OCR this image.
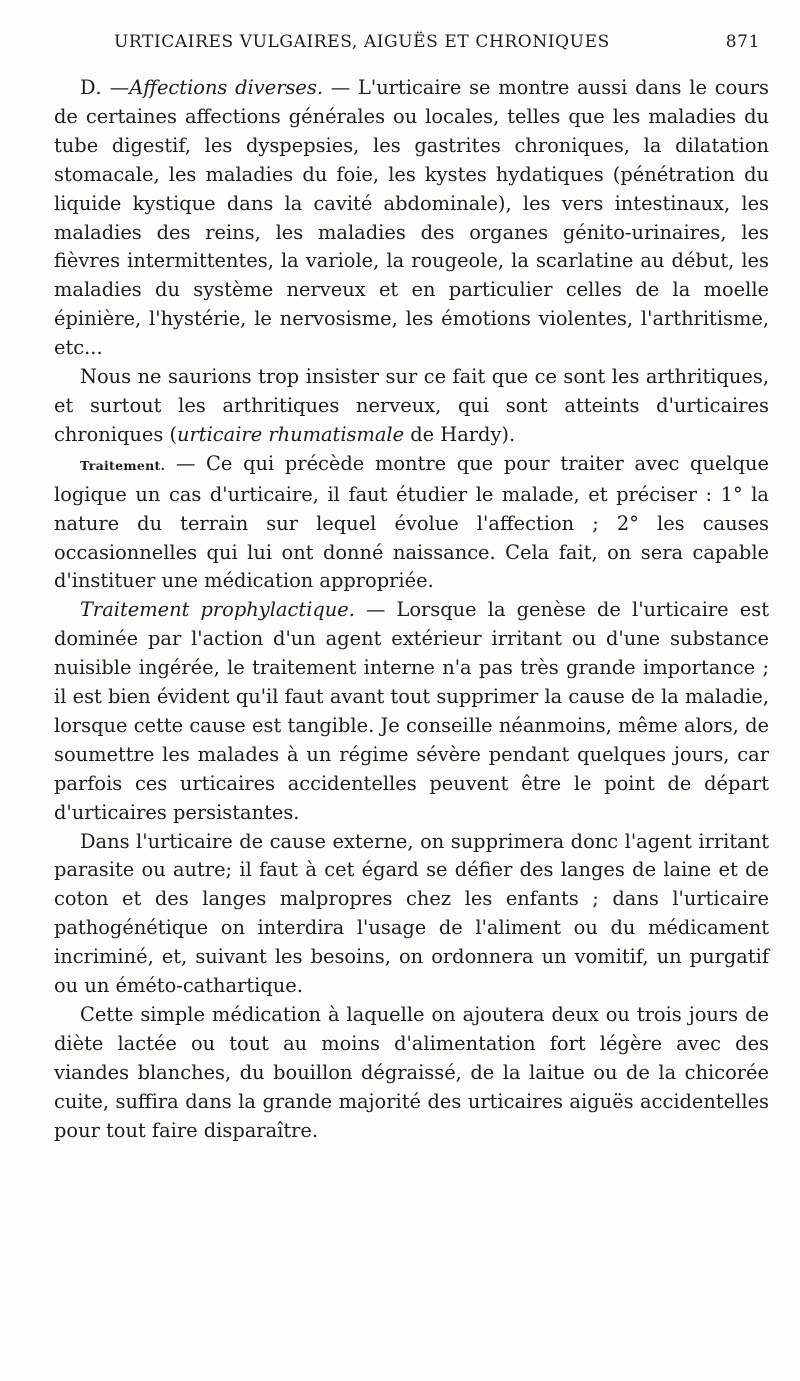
URTICAIRES VULGAIRES, AIGUËS ET CHRONIQUES	871

D. —Affections diverses. — L'urticaire se montre aussi dans le cours de certaines affections générales ou locales, telles que les maladies du tube digestif, les dyspepsies, les gastrites chroniques, la dilatation stomacale, les maladies du foie, les kystes hydatiques (pénétration du liquide kystique dans la cavité abdominale), les vers intestinaux, les maladies des reins, les maladies des organes génito-urinaires, les fièvres intermittentes, la variole, la rougeole, la scarlatine au début, les maladies du système nerveux et en particulier celles de la moelle épinière, l'hystérie, le nervosisme, les émotions violentes, l'arthritisme, etc...

Nous ne saurions trop insister sur ce fait que ce sont les arthritiques, et surtout les arthritiques nerveux, qui sont atteints d'urticaires chroniques (urticaire rhumatismale de Hardy).

Traitement. — Ce qui précède montre que pour traiter avec quelque logique un cas d'urticaire, il faut étudier le malade, et préciser : 1° la nature du terrain sur lequel évolue l'affection ; 2° les causes occasionnelles qui lui ont donné naissance. Cela fait, on sera capable d'instituer une médication appropriée.

Traitement prophylactique. — Lorsque la genèse de l'urticaire est dominée par l'action d'un agent extérieur irritant ou d'une substance nuisible ingérée, le traitement interne n'a pas très grande importance ; il est bien évident qu'il faut avant tout supprimer la cause de la maladie, lorsque cette cause est tangible. Je conseille néanmoins, même alors, de soumettre les malades à un régime sévère pendant quelques jours, car parfois ces urticaires accidentelles peuvent être le point de départ d'urticaires persistantes.

Dans l'urticaire de cause externe, on supprimera donc l'agent irritant parasite ou autre; il faut à cet égard se défier des langes de laine et de coton et des langes malpropres chez les enfants ; dans l'urticaire pathogénétique on interdira l'usage de l'aliment ou du médicament incriminé, et, suivant les besoins, on ordonnera un vomitif, un purgatif ou un éméto-cathartique.

Cette simple médication à laquelle on ajoutera deux ou trois jours de diète lactée ou tout au moins d'alimentation fort légère avec des viandes blanches, du bouillon dégraissé, de la laitue ou de la chicorée cuite, suffira dans la grande majorité des urticaires aiguës accidentelles pour tout faire disparaître.
